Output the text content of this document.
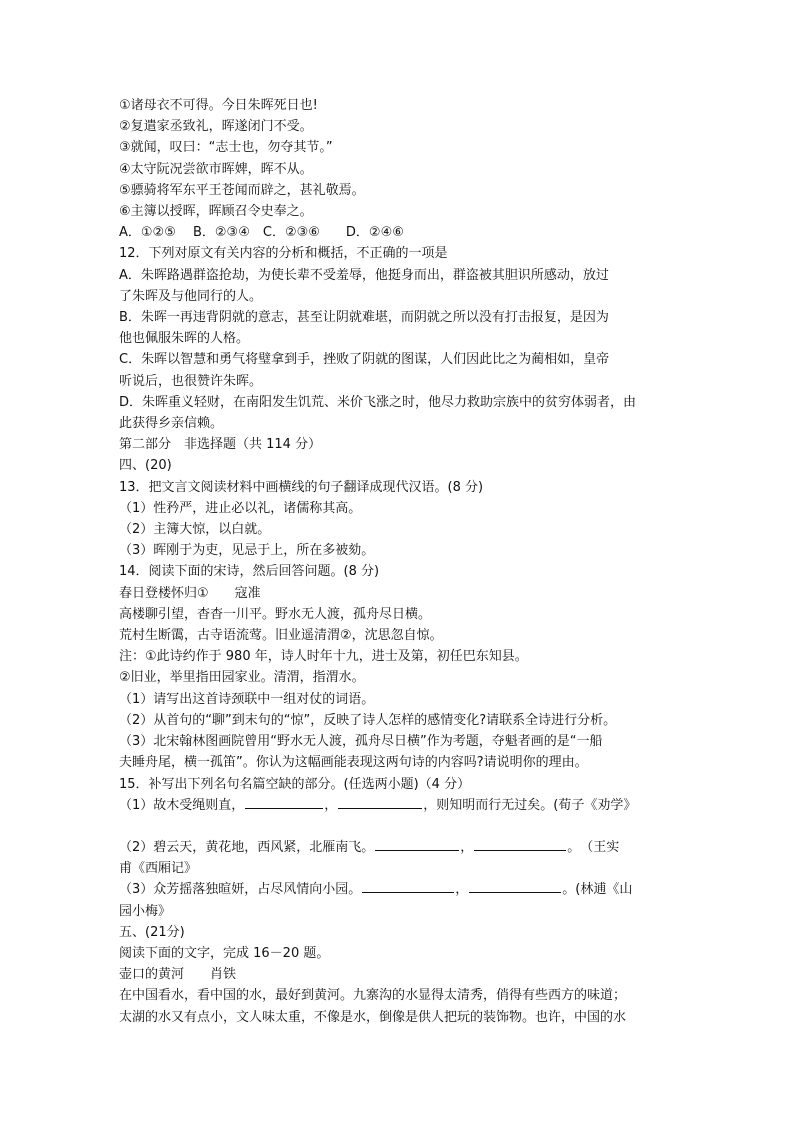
①诸母衣不可得。今日朱晖死日也!
②复遣家丞致礼，晖遂闭门不受。
③就闻，叹曰：“志士也，勿夺其节。”
④太守阮况尝欲市晖婢，晖不从。
⑤骠骑将军东平王苍闻而辟之，甚礼敬焉。
⑥主簿以授晖，晖顾召令史奉之。
A．①②⑤　 B．②③④　C．②③⑥　　D．②④⑥
12．下列对原文有关内容的分析和概括，不正确的一项是
A．朱晖路遇群盗抢劫，为使长辈不受羞辱，他挺身而出，群盗被其胆识所感动，放过
了朱晖及与他同行的人。
B．朱晖一再违背阴就的意志，甚至让阴就难堪，而阴就之所以没有打击报复，是因为
他也佩服朱晖的人格。
C．朱晖以智慧和勇气将璧拿到手，挫败了阴就的图谋，人们因此比之为蔺相如，皇帝
听说后，也很赞许朱晖。
D．朱晖重义轻财，在南阳发生饥荒、米价飞涨之时，他尽力救助宗族中的贫穷体弱者，由
此获得乡亲信赖。
第二部分　非选择题（共 114 分）
四、(20)
13．把文言文阅读材料中画横线的句子翻译成现代汉语。(8 分)
（1）性矜严，进止必以礼，诸儒称其高。
（2）主簿大惊，以白就。
（3）晖刚于为吏，见忌于上，所在多被劾。
14．阅读下面的宋诗，然后回答问题。(8 分)
春日登楼怀归①　　寇准
高楼聊引望，杳杳一川平。野水无人渡，孤舟尽日横。
荒村生断霭，古寺语流莺。旧业遥清渭②，沈思忽自惊。
注：①此诗约作于 980 年，诗人时年十九，进士及第，初任巴东知县。
②旧业，举里指田园家业。清渭，指渭水。
（1）请写出这首诗颈联中一组对仗的词语。
（2）从首句的“聊”到末句的“惊”，反映了诗人怎样的感情变化?请联系全诗进行分析。
（3）北宋翰林图画院曾用“野水无人渡，孤舟尽日横”作为考题，夺魁者画的是“一船
夫睡舟尾，横一孤笛”。你认为这幅画能表现这两句诗的内容吗?请说明你的理由。
15．补写出下列名句名篇空缺的部分。(任选两小题)（4 分）
（1）故木受绳则直，	，	，则知明而行无过矣。(荀子《劝学》
（2）碧云天，黄花地，西风紧，北雁南飞。	，	。　（王实
甫《西厢记》
（3）众芳摇落独暄妍，占尽风情向小园。	，	。(林逋《山
园小梅》
五、(21分)
阅读下面的文字，完成 16－20 题。
壶口的黄河　　肖铁
在中国看水，看中国的水，最好到黄河。九寨沟的水显得太清秀，俏得有些西方的味道；
太湖的水又有点小，文人味太重，不像是水，倒像是供人把玩的装饰物。也许，中国的水
